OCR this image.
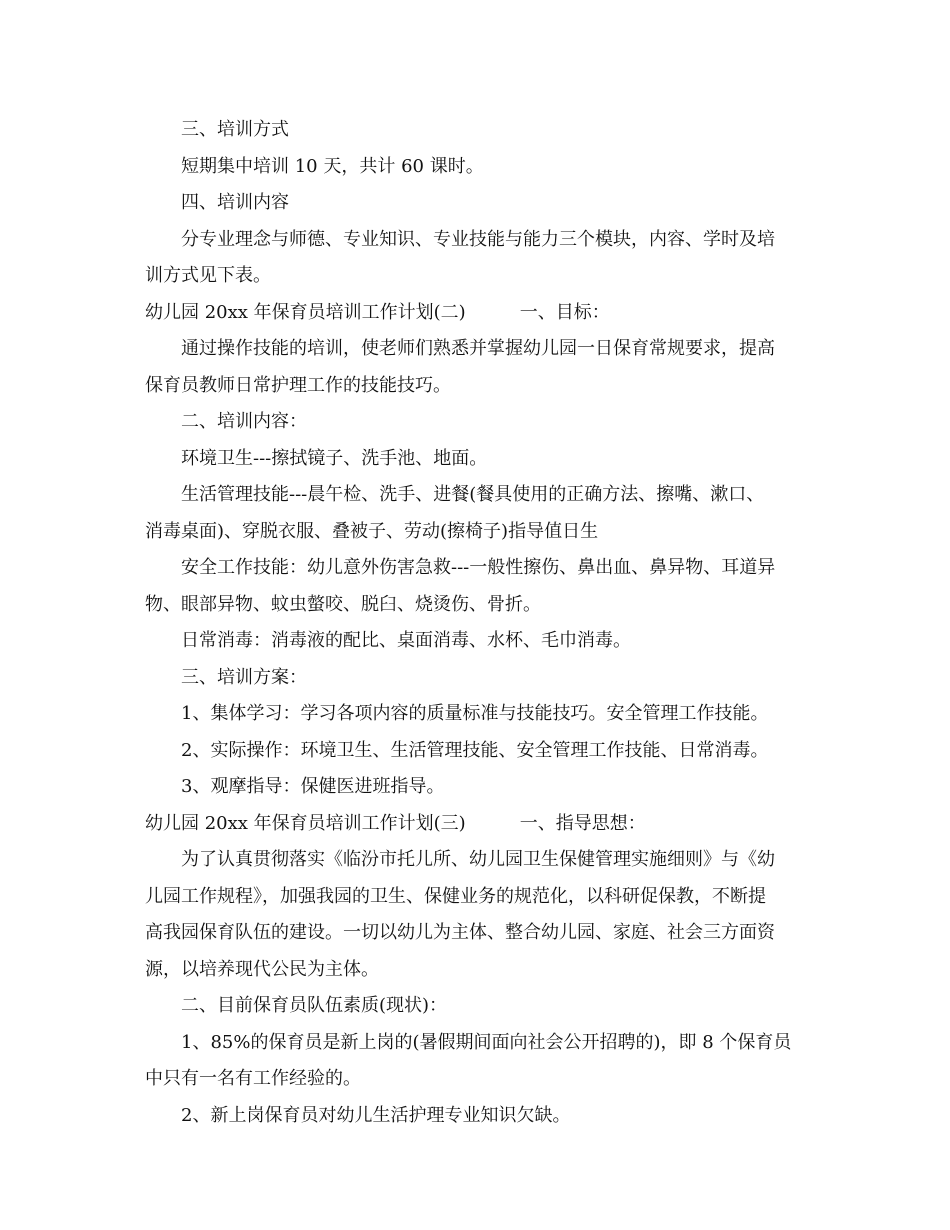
三、培训方式
短期集中培训 10 天，共计 60 课时。
四、培训内容
分专业理念与师德、专业知识、专业技能与能力三个模块，内容、学时及培
训方式见下表。
幼儿园 20xx 年保育员培训工作计划(二)　　　一、目标：
通过操作技能的培训，使老师们熟悉并掌握幼儿园一日保育常规要求，提高
保育员教师日常护理工作的技能技巧。
二、培训内容：
环境卫生---擦拭镜子、洗手池、地面。
生活管理技能---晨午检、洗手、进餐(餐具使用的正确方法、擦嘴、漱口、
消毒桌面)、穿脱衣服、叠被子、劳动(擦椅子)指导值日生
安全工作技能：幼儿意外伤害急救---一般性擦伤、鼻出血、鼻异物、耳道异
物、眼部异物、蚊虫螫咬、脱臼、烧烫伤、骨折。
日常消毒：消毒液的配比、桌面消毒、水杯、毛巾消毒。
三、培训方案：
1、集体学习：学习各项内容的质量标准与技能技巧。安全管理工作技能。
2、实际操作：环境卫生、生活管理技能、安全管理工作技能、日常消毒。
3、观摩指导：保健医进班指导。
幼儿园 20xx 年保育员培训工作计划(三)　　　一、指导思想：
为了认真贯彻落实《临汾市托儿所、幼儿园卫生保健管理实施细则》与《幼
儿园工作规程》，加强我园的卫生、保健业务的规范化，以科研促保教，不断提
高我园保育队伍的建设。一切以幼儿为主体、整合幼儿园、家庭、社会三方面资
源，以培养现代公民为主体。
二、目前保育员队伍素质(现状)：
1、85%的保育员是新上岗的(暑假期间面向社会公开招聘的)，即 8 个保育员
中只有一名有工作经验的。
2、新上岗保育员对幼儿生活护理专业知识欠缺。
